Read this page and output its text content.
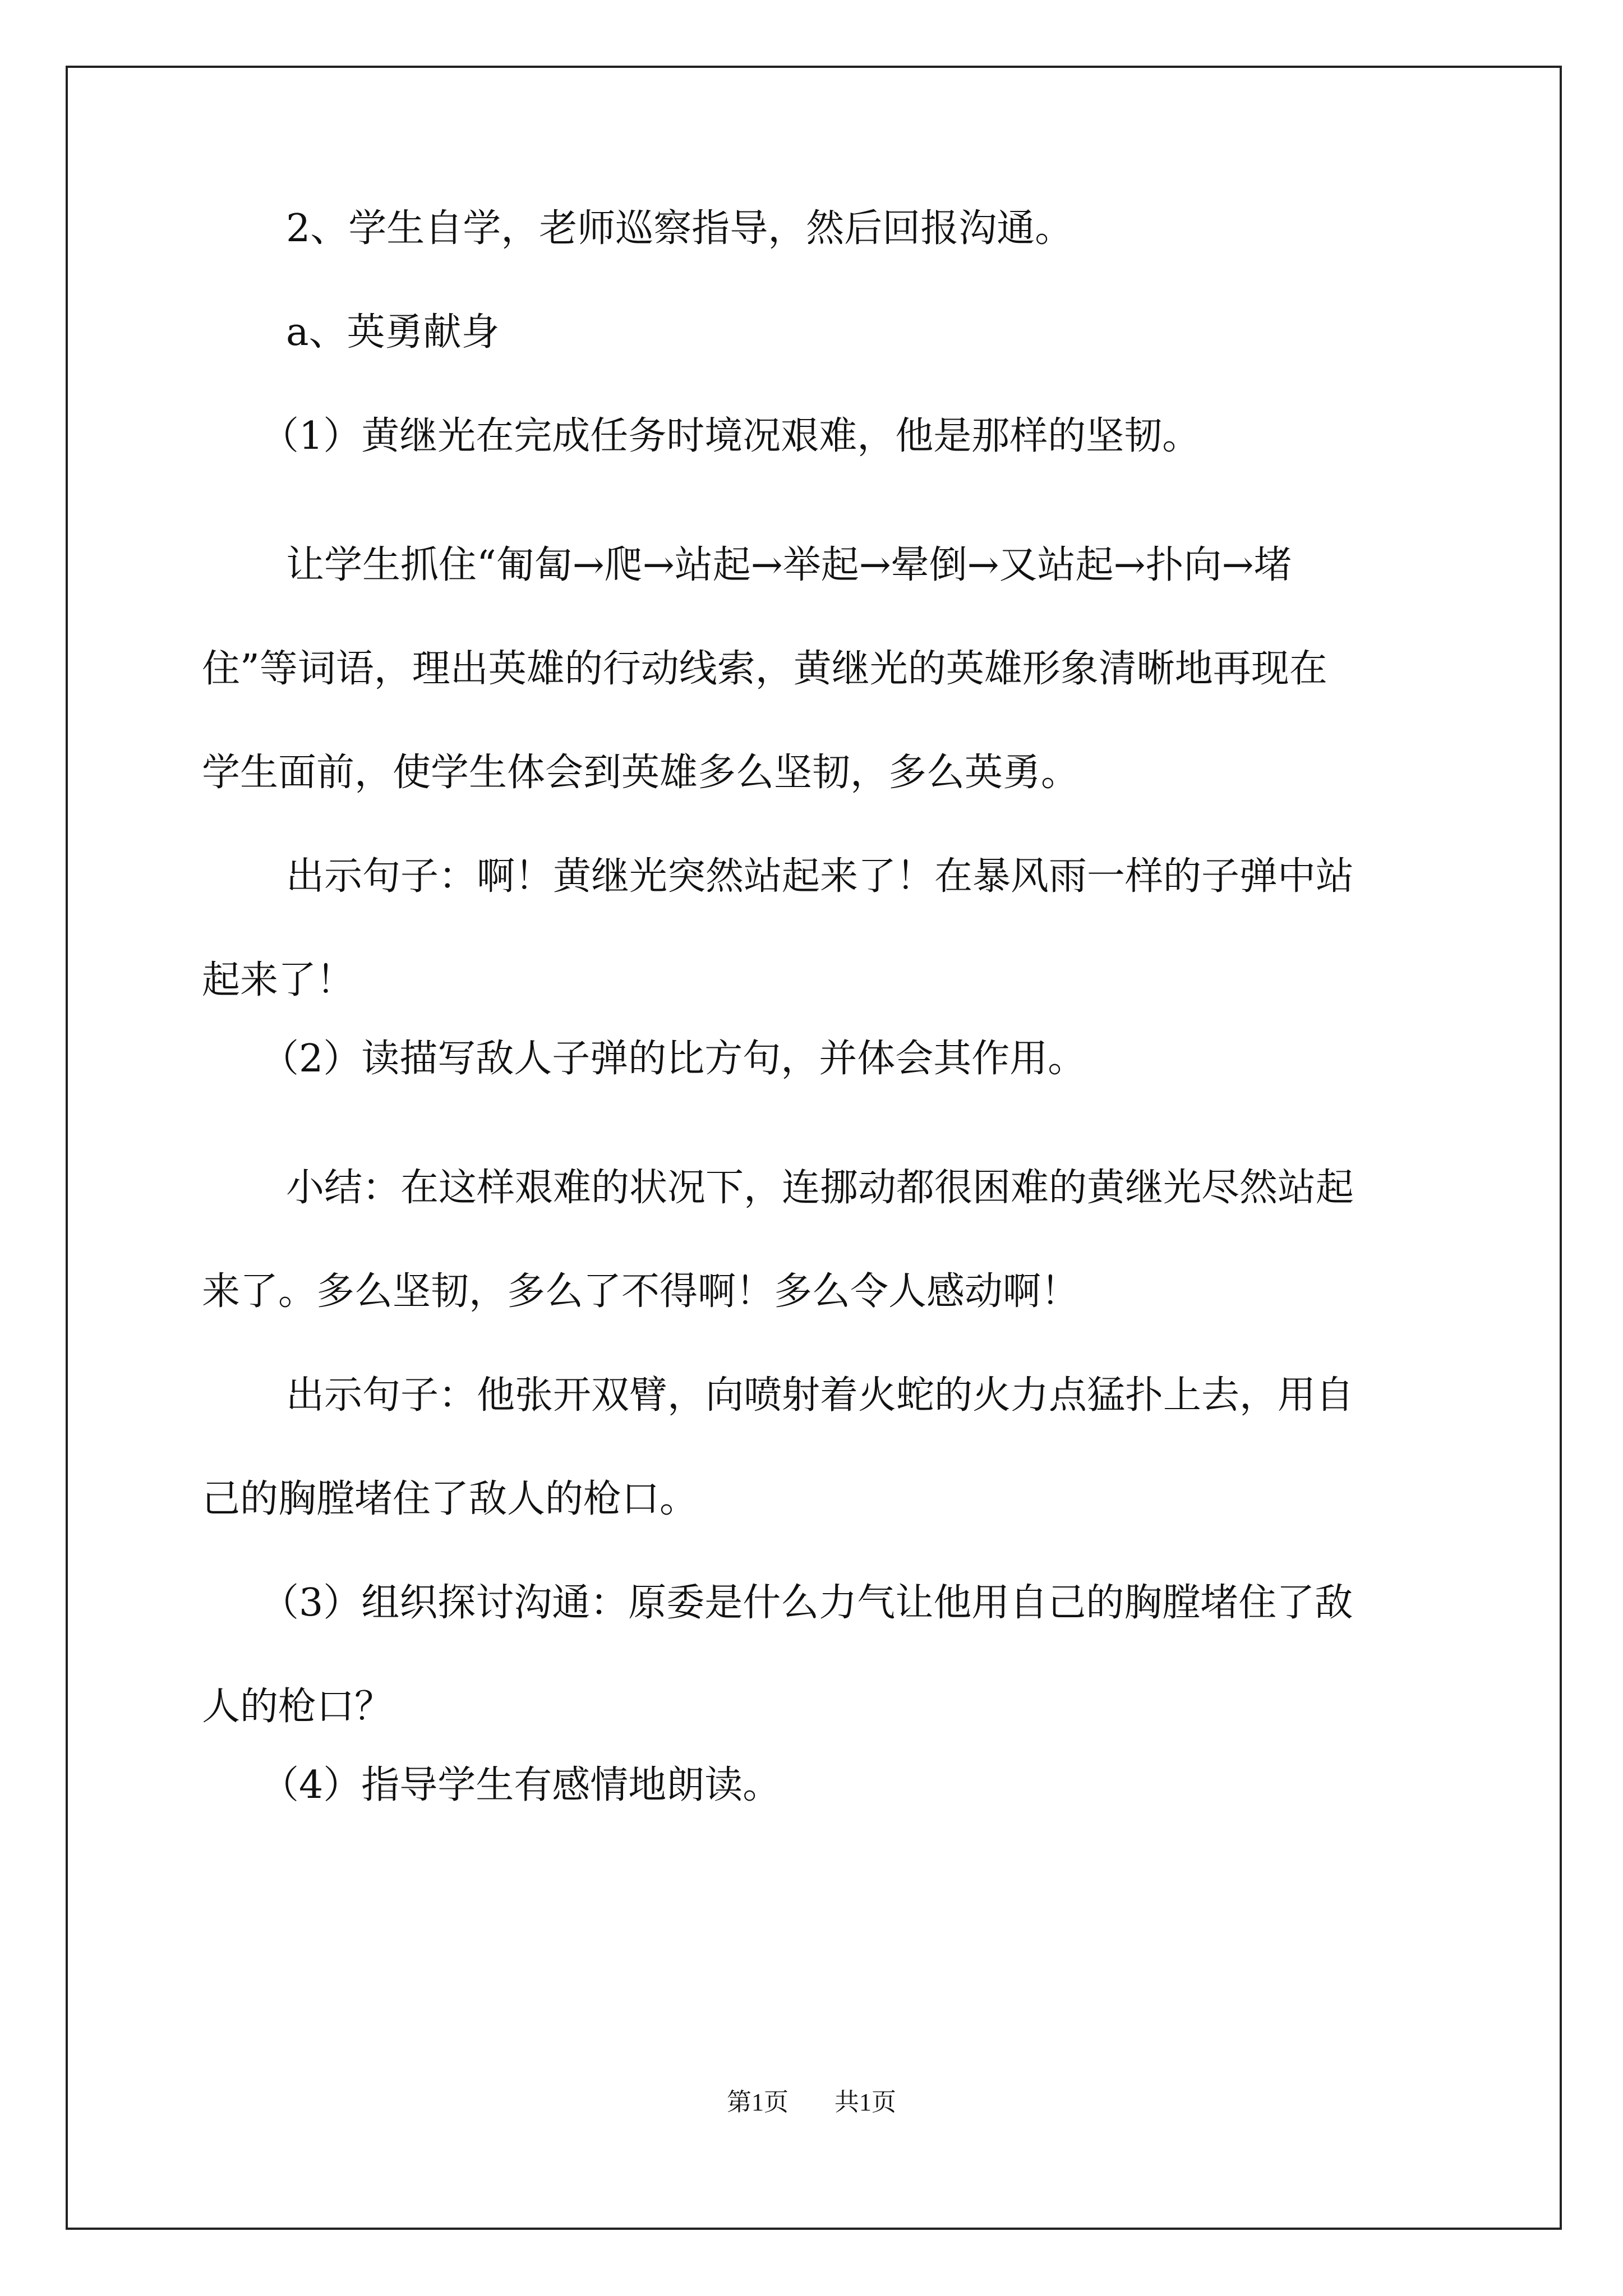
2、学生自学，老师巡察指导，然后回报沟通。

a、英勇献身

（1）黄继光在完成任务时境况艰难，他是那样的坚韧。

让学生抓住“匍匐→爬→站起→举起→晕倒→又站起→扑向→堵
住”等词语，理出英雄的行动线索，黄继光的英雄形象清晰地再现在
学生面前，使学生体会到英雄多么坚韧，多么英勇。

出示句子：啊！黄继光突然站起来了！在暴风雨一样的子弹中站
起来了！

（2）读描写敌人子弹的比方句，并体会其作用。

小结：在这样艰难的状况下，连挪动都很困难的黄继光尽然站起
来了。多么坚韧，多么了不得啊！多么令人感动啊！

出示句子：他张开双臂，向喷射着火蛇的火力点猛扑上去，用自
己的胸膛堵住了敌人的枪口。

（3）组织探讨沟通：原委是什么力气让他用自己的胸膛堵住了敌
人的枪口？

（4）指导学生有感情地朗读。

第1页 共1页
